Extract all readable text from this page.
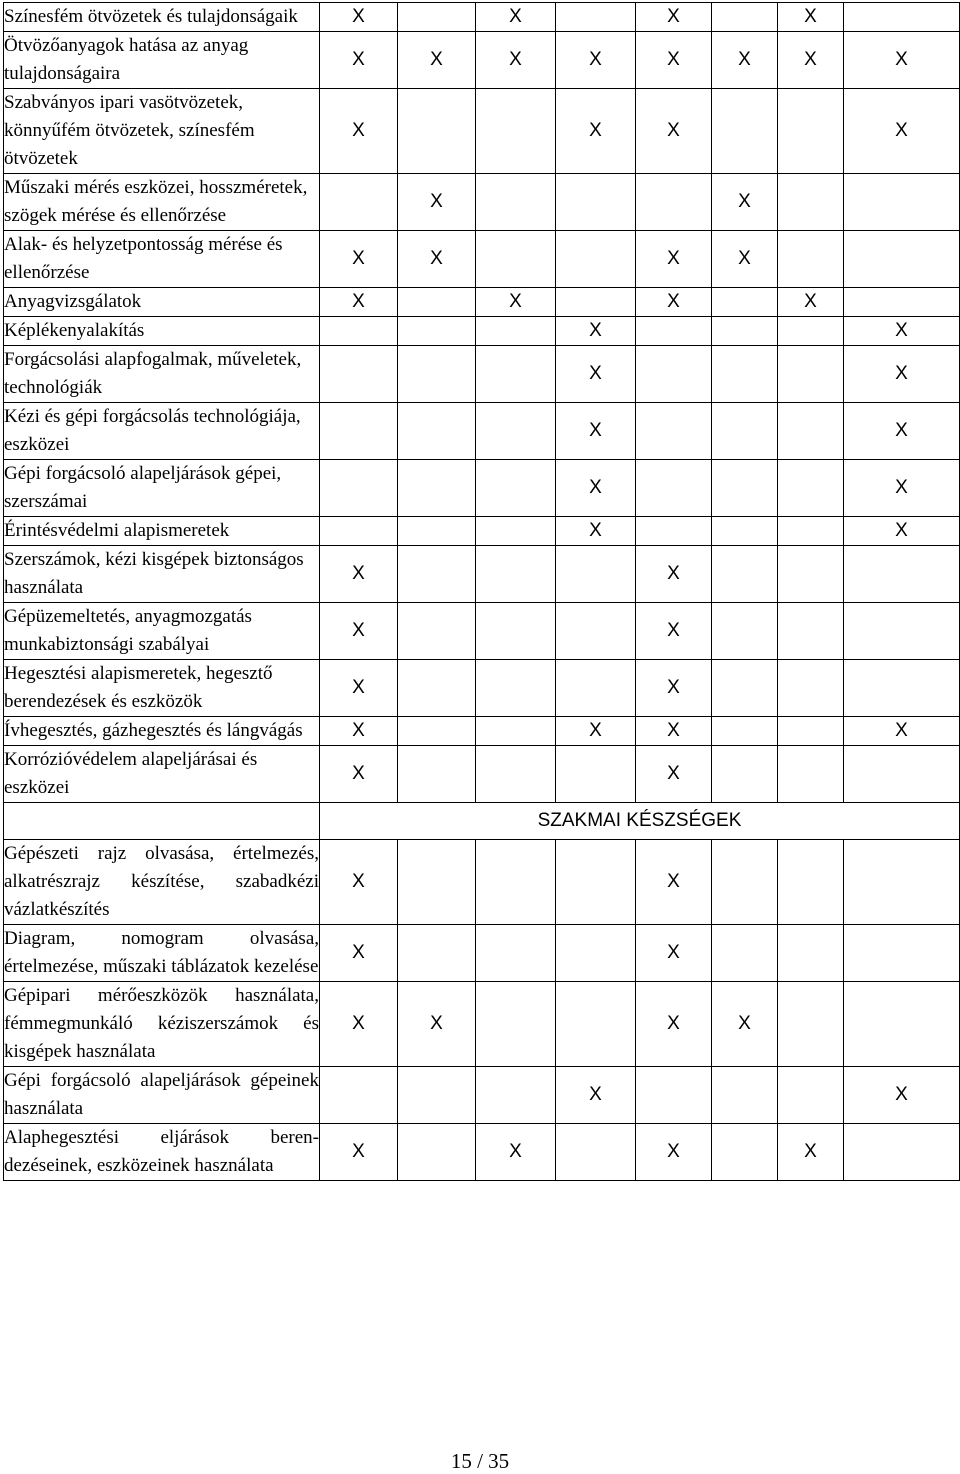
Színesfém ötvözetek és tulajdonságaik	X		X		X		X	
Ötvözőanyagok hatása az anyag tulajdonságaira	X	X	X	X	X	X	X	X
Szabványos ipari vasötvözetek, könnyűfém ötvözetek, színesfém ötvözetek	X			X	X			X
Műszaki mérés eszközei, hosszméretek, szögek mérése és ellenőrzése		X				X		
Alak- és helyzetpontosság mérése és ellenőrzése	X	X			X	X		
Anyagvizsgálatok	X		X		X		X	
Képlékenyalakítás				X				X
Forgácsolási alapfogalmak, műveletek, technológiák				X				X
Kézi és gépi forgácsolás technológiája, eszközei				X				X
Gépi forgácsoló alapeljárások gépei, szerszámai				X				X
Érintésvédelmi alapismeretek				X				X
Szerszámok, kézi kisgépek biztonságos használata	X				X			
Gépüzemeltetés, anyagmozgatás munkabiztonsági szabályai	X				X			
Hegesztési alapismeretek, hegesztő berendezések és eszközök	X				X			
Ívhegesztés, gázhegesztés és lángvágás	X			X	X			X
Korrózióvédelem alapeljárásai és eszközei	X				X			
	SZAKMAI KÉSZSÉGEK							
Gépészeti rajz olvasása, értelmezés, alkatrészrajz készítése, szabadkézi vázlatkészítés	X				X			
Diagram, nomogram olvasása, értelmezése, műszaki táblázatok kezelése	X				X			
Gépipari mérőeszközök használata, fémmegmunkáló kéziszerszámok és kisgépek használata	X	X			X	X		
Gépi forgácsoló alapeljárások gépeinek használata				X				X
Alaphegesztési eljárások berendezéseinek, eszközeinek használata	X		X		X		X	
15 / 35
